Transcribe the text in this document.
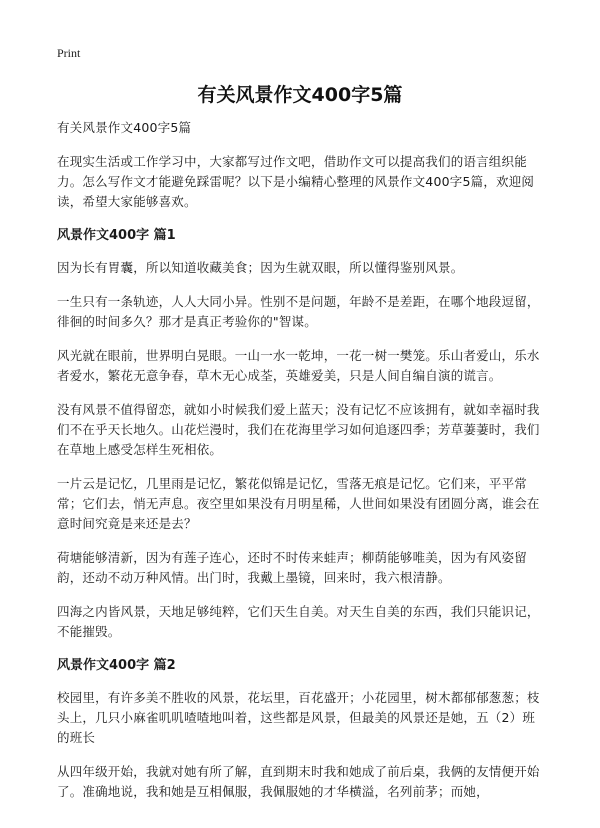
Print
有关风景作文400字5篇

有关风景作文400字5篇

在现实生活或工作学习中，大家都写过作文吧，借助作文可以提高我们的语言组织能力。怎么写作文才能避免踩雷呢？以下是小编精心整理的风景作文400字5篇，欢迎阅读，希望大家能够喜欢。

风景作文400字 篇1

因为长有胃囊，所以知道收藏美食；因为生就双眼，所以懂得鉴别风景。

一生只有一条轨迹，人人大同小异。性别不是问题，年龄不是差距，在哪个地段逗留，徘徊的时间多久？那才是真正考验你的"智谋。

风光就在眼前，世界明白晃眼。一山一水一乾坤，一花一树一樊笼。乐山者爱山，乐水者爱水，繁花无意争春，草木无心成荃，英雄爱美，只是人间自编自演的谎言。

没有风景不值得留恋，就如小时候我们爱上蓝天；没有记忆不应该拥有，就如幸福时我们不在乎天长地久。山花烂漫时，我们在花海里学习如何追逐四季；芳草萋萋时，我们在草地上感受怎样生死相依。

一片云是记忆，几里雨是记忆，繁花似锦是记忆，雪落无痕是记忆。它们来，平平常常；它们去，悄无声息。夜空里如果没有月明星稀，人世间如果没有团圆分离，谁会在意时间究竟是来还是去？

荷塘能够清新，因为有莲子连心，还时不时传来蛙声；柳荫能够唯美，因为有风姿留韵，还动不动万种风情。出门时，我戴上墨镜，回来时，我六根清静。

四海之内皆风景，天地足够纯粹，它们天生自美。对天生自美的东西，我们只能识记，不能摧毁。

风景作文400字 篇2

校园里，有许多美不胜收的风景，花坛里，百花盛开；小花园里，树木都郁郁葱葱；枝头上，几只小麻雀叽叽喳喳地叫着，这些都是风景，但最美的风景还是她，五（2）班的班长

从四年级开始，我就对她有所了解，直到期末时我和她成了前后桌，我俩的友情便开始了。准确地说，我和她是互相佩服，我佩服她的才华横溢，名列前茅；而她，
